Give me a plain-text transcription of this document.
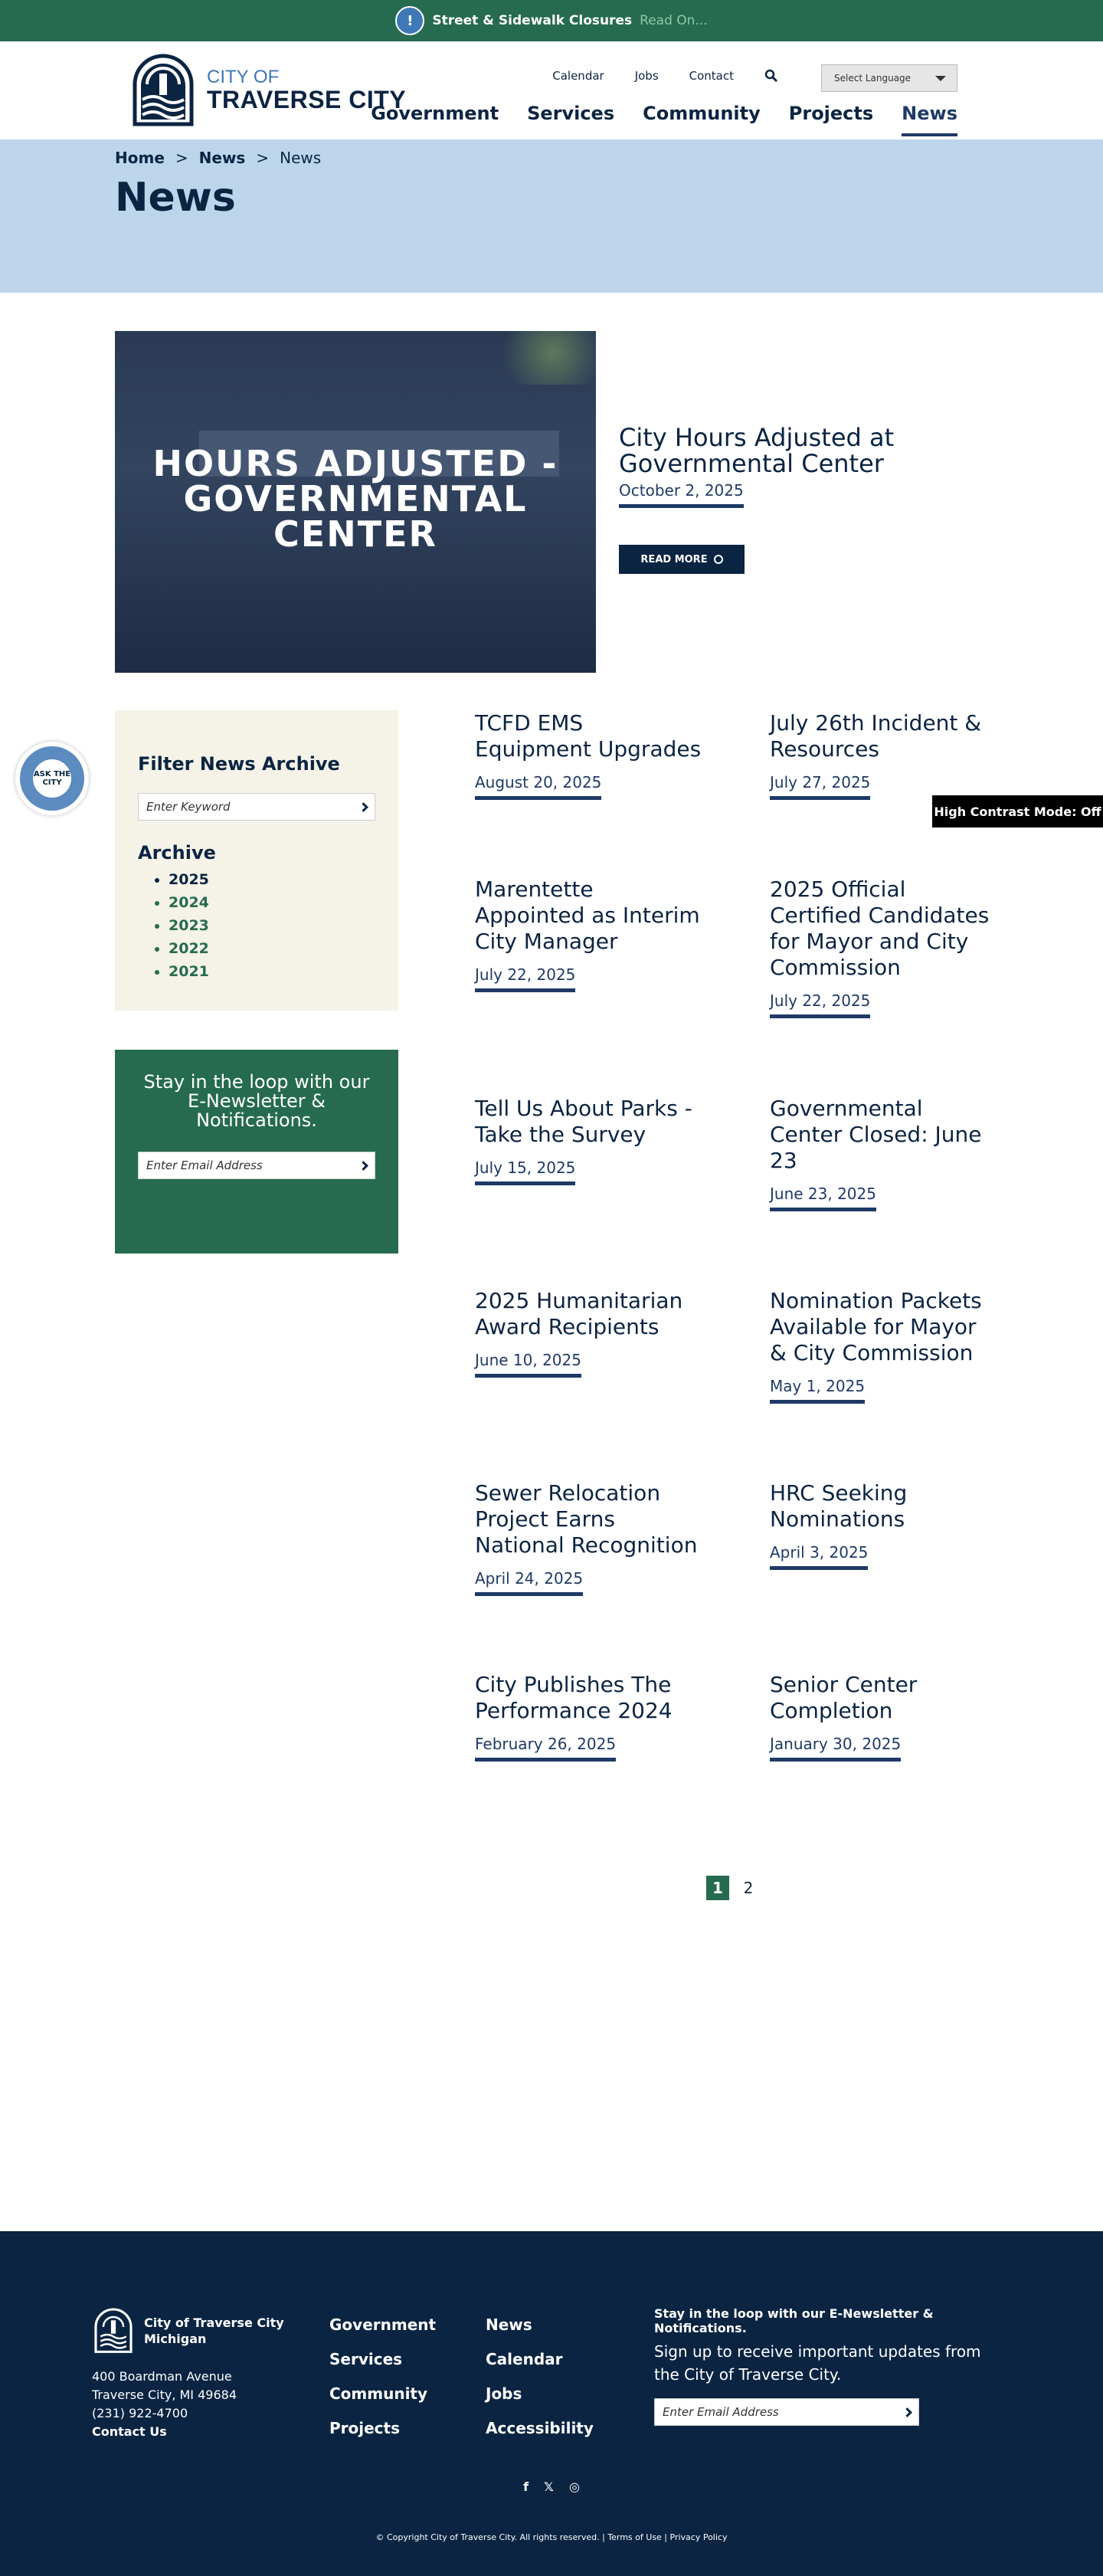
!	Street & Sidewalk Closures Read On...
CITY OF
TRAVERSE CITY
Calendar	Jobs	Contact	Select Language
Government Services Community Projects News
Home > News > News
News
HOURS ADJUSTED -
GOVERNMENTAL
CENTER
City Hours Adjusted at Governmental Center
October 2, 2025
READ MORE
ASK THE CITY
High Contrast Mode: Off
Filter News Archive
Enter Keyword
Archive
• 2025
• 2024
• 2023
• 2022
• 2021
Stay in the loop with our E-Newsletter & Notifications.
Enter Email Address
TCFD EMS Equipment Upgrades
August 20, 2025
July 26th Incident & Resources
July 27, 2025
Marentette Appointed as Interim City Manager
July 22, 2025
2025 Official Certified Candidates for Mayor and City Commission
July 22, 2025
Tell Us About Parks - Take the Survey
July 15, 2025
Governmental Center Closed: June 23
June 23, 2025
2025 Humanitarian Award Recipients
June 10, 2025
Nomination Packets Available for Mayor & City Commission
May 1, 2025
Sewer Relocation Project Earns National Recognition
April 24, 2025
HRC Seeking Nominations
April 3, 2025
City Publishes The Performance 2024
February 26, 2025
Senior Center Completion
January 30, 2025
1	2
City of Traverse City
Michigan
400 Boardman Avenue
Traverse City, MI 49684
(231) 922-4700
Contact Us
Government
Services
Community
Projects
News
Calendar
Jobs
Accessibility
Stay in the loop with our E-Newsletter & Notifications.
Sign up to receive important updates from the City of Traverse City.
Enter Email Address
f 𝕏 ◎
© Copyright City of Traverse City. All rights reserved. | Terms of Use | Privacy Policy
